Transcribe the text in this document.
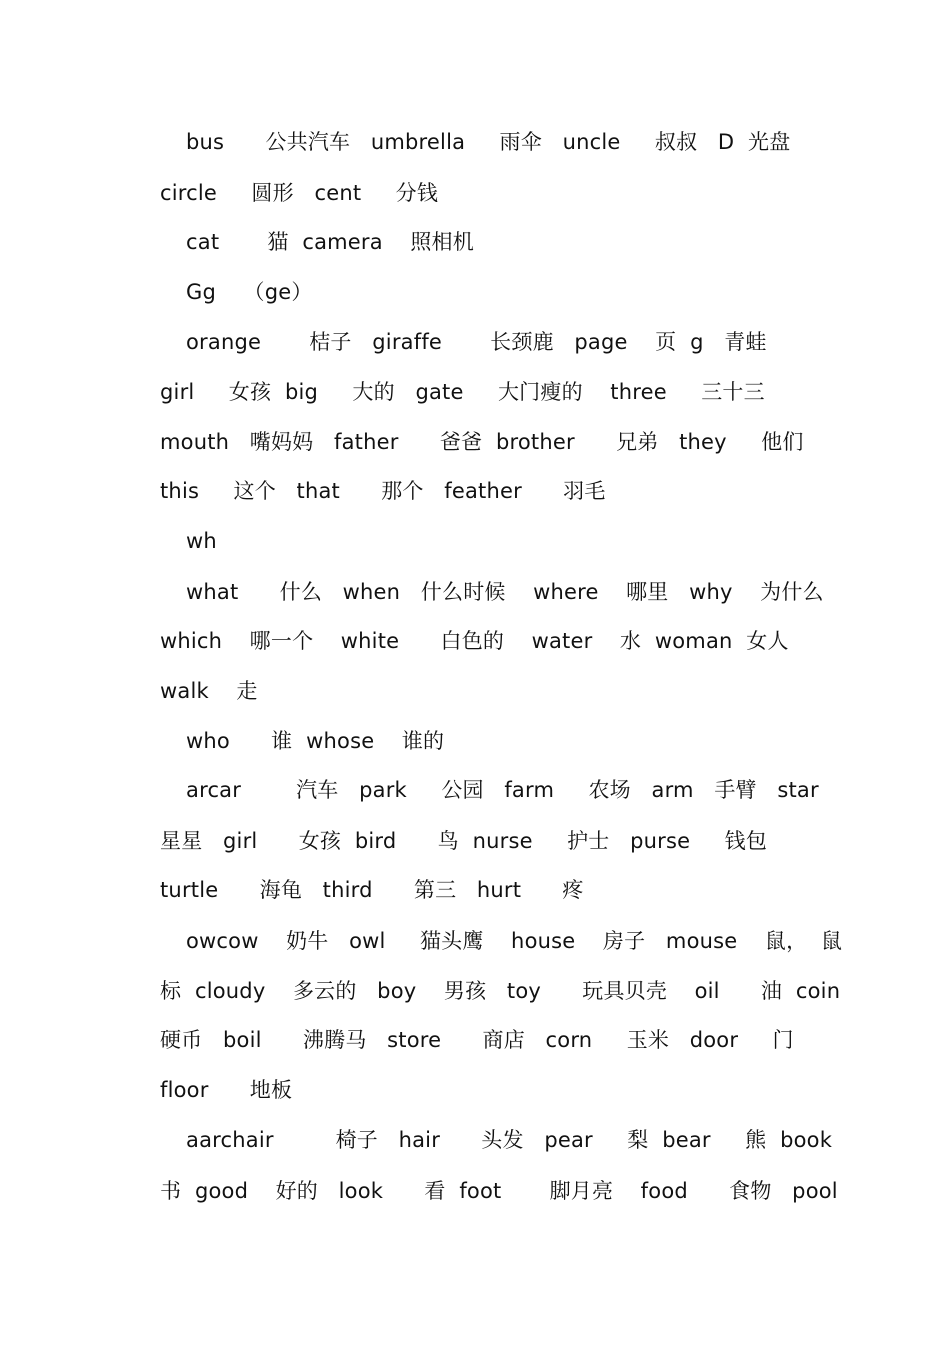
bus      公共汽车   umbrella     雨伞   uncle     叔叔   D  光盘
circle     圆形   cent     分钱
cat       猫  camera    照相机
Gg    （ge）
orange       桔子   giraffe       长颈鹿   page    页  g   青蛙
girl     女孩  big     大的   gate     大门瘦的    three     三十三
mouth   嘴妈妈   father      爸爸  brother      兄弟   they     他们
this     这个   that      那个   feather      羽毛
wh
what      什么   when   什么时候    where    哪里   why    为什么
which    哪一个    white      白色的    water    水  woman  女人
walk    走
who      谁  whose    谁的
arcar        汽车   park     公园   farm     农场   arm   手臂   star
星星   girl      女孩  bird      鸟  nurse     护士   purse     钱包
turtle      海龟   third      第三   hurt      疼
owcow    奶牛   owl     猫头鹰    house    房子   mouse    鼠，  鼠
标  cloudy    多云的   boy    男孩   toy      玩具贝壳    oil      油  coin
硬币   boil      沸腾马   store      商店   corn     玉米   door     门
floor      地板
aarchair         椅子   hair      头发   pear     梨  bear     熊  book
书  good    好的   look      看  foot       脚月亮    food      食物   pool
